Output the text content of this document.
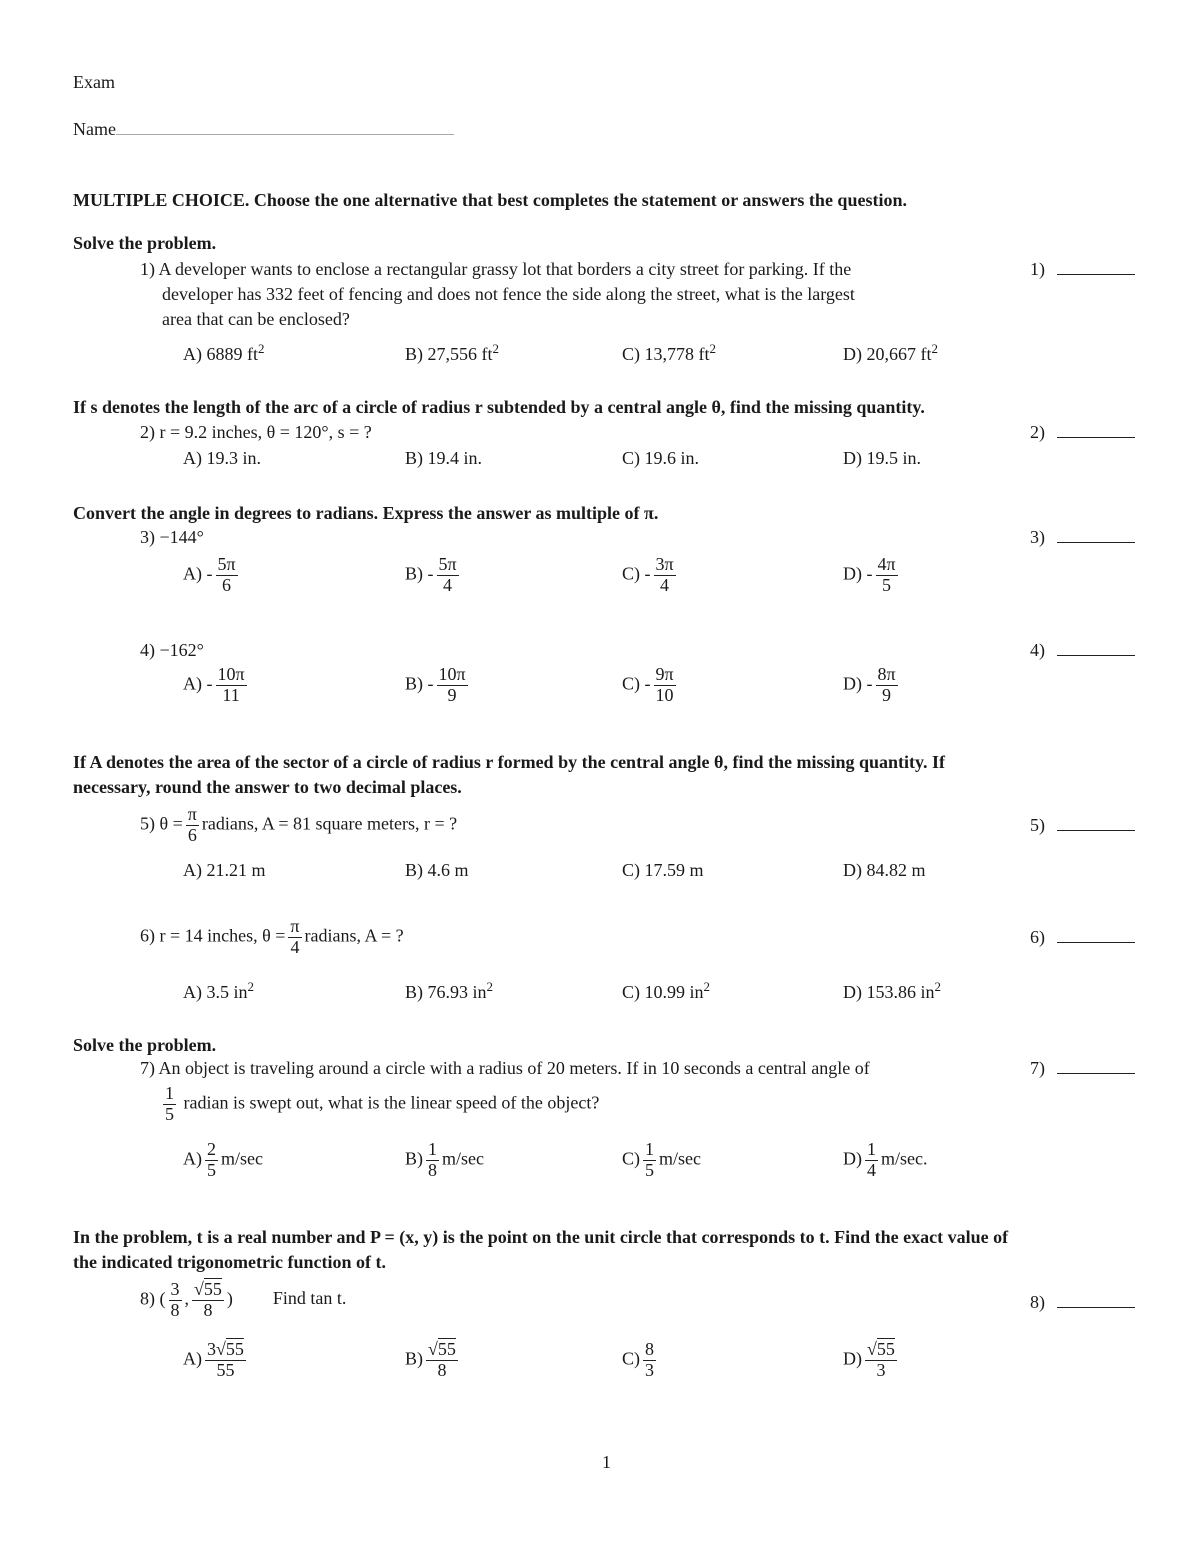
Exam
Name
MULTIPLE CHOICE. Choose the one alternative that best completes the statement or answers the question.
Solve the problem.
1) A developer wants to enclose a rectangular grassy lot that borders a city street for parking. If the
developer has 332 feet of fencing and does not fence the side along the street, what is the largest
area that can be enclosed?
A) 6889 $ft^2$	B) 27,556 $ft^2$	C) 13,778 $ft^2$	D) 20,667 $ft^2$
1)
If s denotes the length of the arc of a circle of radius r subtended by a central angle θ, find the missing quantity.
2) r = 9.2 inches, θ = 120°, s = ?
A) 19.3 in.	B) 19.4 in.	C) 19.6 in.	D) 19.5 in.
2)
Convert the angle in degrees to radians. Express the answer as multiple of π.
3) −144°	3)
$A) - \frac{5\pi}{6}$	$B) - \frac{5\pi}{4}$	$C) - \frac{3\pi}{4}$	$D) - \frac{4\pi}{5}$
4) −162°	4)
$A) - \frac{10\pi}{11}$	$B) - \frac{10\pi}{9}$	$C) - \frac{9\pi}{10}$	$D) - \frac{8\pi}{9}$
If A denotes the area of the sector of a circle of radius r formed by the central angle θ, find the missing quantity. If
necessary, round the answer to two decimal places.
5) $\theta = \frac{\pi}{6}$ radians, A = 81 square meters, r = ?	5)
A) 21.21 m	B) 4.6 m	C) 17.59 m	D) 84.82 m
6) r = 14 inches, $\theta = \frac{\pi}{4}$ radians, A = ?	6)
A) 3.5 $in^2$	B) 76.93 $in^2$	C) 10.99 $in^2$	D) 153.86 $in^2$
Solve the problem.
7) An object is traveling around a circle with a radius of 20 meters. If in 10 seconds a central angle of
$\frac{1}{5}$ radian is swept out, what is the linear speed of the object?
7)
$A) \frac{2}{5} m/\sec$	$B) \frac{1}{8} m/\sec$	$C) \frac{1}{5} m/\sec$	$D) \frac{1}{4} m/\sec$.
In the problem, t is a real number and P = (x, y) is the point on the unit circle that corresponds to t. Find the exact value of
the indicated trigonometric function of t.
8) ( $\frac{3}{8}$ , $\frac{√55}{8}$ ) Find tan t.	8)
$A) \frac{3√55}{55}$	$B) \frac{√55}{8}$	$C) \frac{8}{3}$	$D) \frac{√55}{3}$
1
